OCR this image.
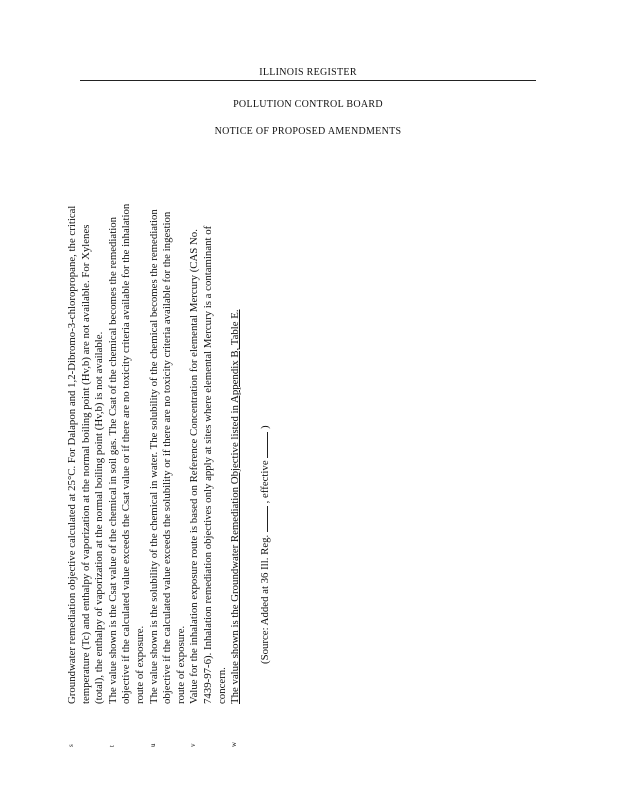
ILLINOIS REGISTER
POLLUTION CONTROL BOARD
NOTICE OF PROPOSED AMENDMENTS
s
Groundwater remediation objective calculated at 25°C. For Dalapon and 1,2-Dibromo-3-chloropropane, the critical temperature (Tc) and enthalpy of vaporization at the normal boiling point (Hv,b) are not available. For Xylenes (total), the enthalpy of vaporization at the normal boiling point (Hv,b) is not available.
t
The value shown is the Csat value of the chemical in soil gas. The Csat of the chemical becomes the remediation objective if the calculated value exceeds the Csat value or if there are no toxicity criteria available for the inhalation route of exposure.
u
The value shown is the solubility of the chemical in water. The solubility of the chemical becomes the remediation objective if the calculated value exceeds the solubility or if there are no toxicity criteria available for the ingestion route of exposure.
v
Value for the inhalation exposure route is based on Reference Concentration for elemental Mercury (CAS No. 7439-97-6). Inhalation remediation objectives only apply at sites where elemental Mercury is a contaminant of concern.
w
The value shown is the Groundwater Remediation Objective listed in Appendix B, Table E. (Source: Added at 36 Ill. Reg.  , effective  )
